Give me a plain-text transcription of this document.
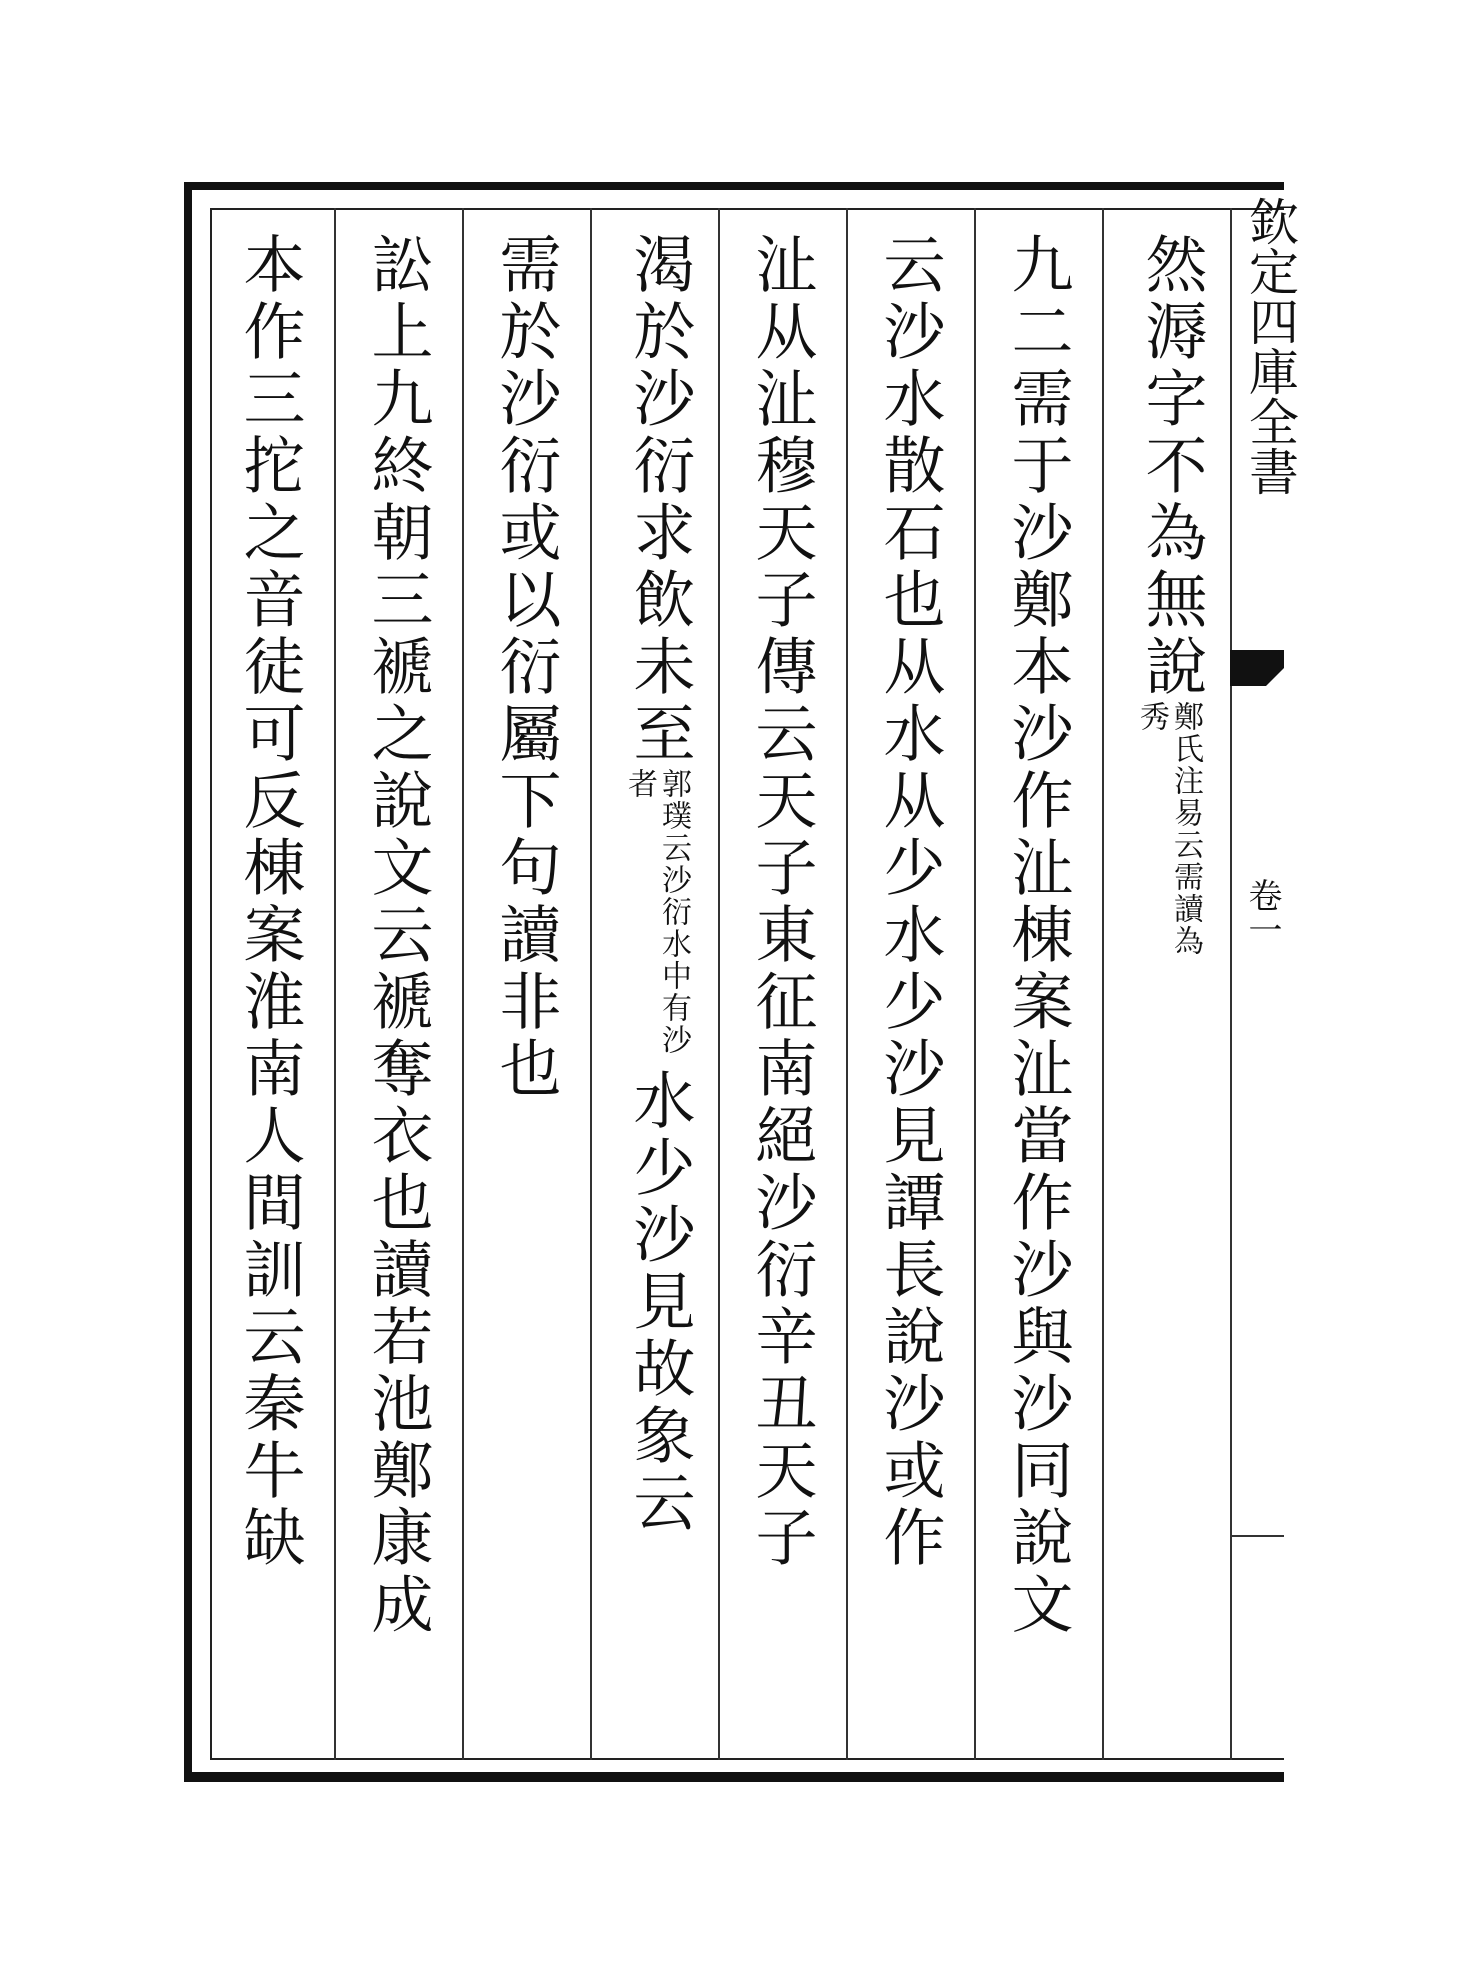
欽定四庫全書
卷一
然溽字不為無說鄭氏注易云需讀為秀
九二需于沙鄭本沙作沚棟案沚當作沙與沙同說文
云沙水散石也从水从少水少沙見譚長說沙或作
沚从沚穆天子傳云天子東征南絕沙衍辛丑天子
渴於沙衍求飲未至郭璞云沙衍水中有沙者水少沙見故象云
需於沙衍或以衍屬下句讀非也
訟上九終朝三褫之說文云褫奪衣也讀若池鄭康成
本作三拕之音徒可反棟案淮南人間訓云秦牛缺
